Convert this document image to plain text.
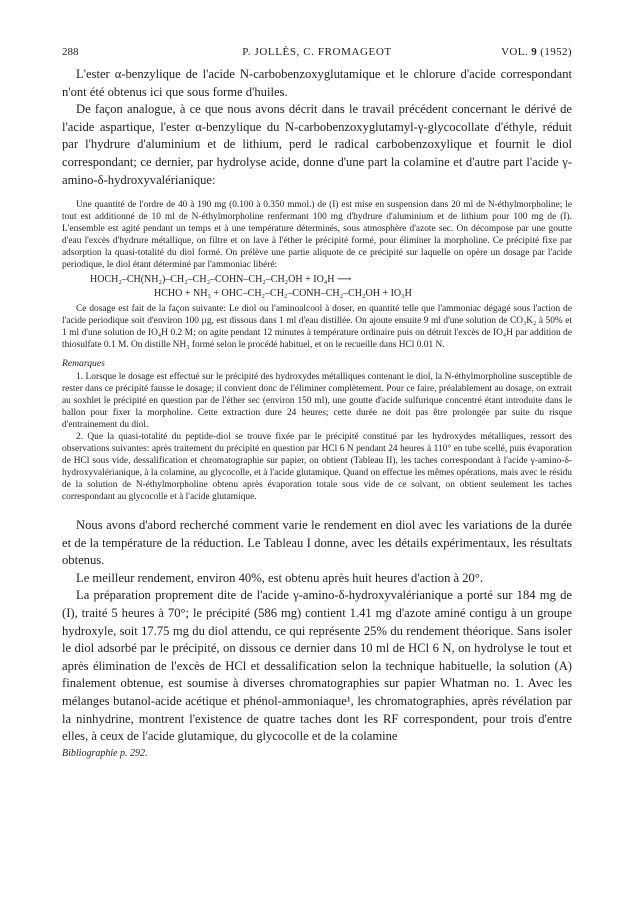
288	P. JOLLÈS, C. FROMAGEOT	VOL. 9 (1952)

L'ester α-benzylique de l'acide N-carbobenzoxyglutamique et le chlorure d'acide correspondant n'ont été obtenus ici que sous forme d'huiles.

De façon analogue, à ce que nous avons décrit dans le travail précédent concernant le dérivé de l'acide aspartique, l'ester α-benzylique du N-carbobenzoxyglutamyl-γ-glycocollate d'éthyle, réduit par l'hydrure d'aluminium et de lithium, perd le radical carbobenzoxylique et fournit le diol correspondant; ce dernier, par hydrolyse acide, donne d'une part la colamine et d'autre part l'acide γ-amino-δ-hydroxyvalérianique:

Une quantité de l'ordre de 40 à 190 mg (0.100 à 0.350 mmol.) de (I) est mise en suspension dans 20 ml de N-éthylmorpholine; le tout est additionné de 10 ml de N-éthylmorpholine renfermant 100 mg d'hydrure d'aluminium et de lithium pour 100 mg de (I). L'ensemble est agité pendant un temps et à une température déterminés, sous atmosphère d'azote sec. On décompose par une goutte d'eau l'excès d'hydrure métallique, on filtre et on lave à l'éther le précipité formé, pour éliminer la morpholine. Ce précipité fixe par adsorption la quasi-totalité du diol formé. On prélève une partie aliquote de ce précipité sur laquelle on opère un dosage par l'acide periodique, le diol étant déterminé par l'ammoniac libéré:

HOCH₂–CH(NH₂)–CH₂–CH₂–COHN–CH₂–CH₂OH + IO₄H ⟶
HCHO + NH₃ + OHC–CH₂–CH₂–CONH–CH₂–CH₂OH + IO₃H

Ce dosage est fait de la façon suivante: Le diol ou l'aminoalcool à doser, en quantité telle que l'ammoniac dégagé sous l'action de l'acide periodique soit d'environ 100 µg, est dissous dans 1 ml d'eau distillée. On ajoute ensuite 9 ml d'une solution de CO₃K₂ à 50% et 1 ml d'une solution de IO₄H 0.2 M; on agite pendant 12 minutes à température ordinaire puis on détruit l'excès de IO₄H par addition de thiosulfate 0.1 M. On distille NH₃ formé selon le procédé habituel, et on le recueille dans HCl 0.01 N.

Remarques

1. Lorsque le dosage est effectué sur le précipité des hydroxydes métalliques contenant le diol, la N-éthylmorpholine susceptible de rester dans ce précipité fausse le dosage; il convient donc de l'éliminer complètement. Pour ce faire, préalablement au dosage, on extrait au soxhlet le précipité en question par de l'éther sec (environ 150 ml), une goutte d'acide sulfurique concentré étant introduite dans le ballon pour fixer la morpholine. Cette extraction dure 24 heures; cette durée ne doit pas être prolongée par suite du risque d'entrainement du diol.

2. Que la quasi-totalité du peptide-diol se trouve fixée par le précipité constitué par les hydroxydes métalliques, ressort des observations suivantes: après traitement du précipité en question par HCl 6 N pendant 24 heures à 110° en tube scellé, puis évaporation de HCl sous vide, dessalification et chromatographie sur papier, on obtient (Tableau II), les taches correspondant à l'acide γ-amino-δ-hydroxyvalérianique, à la colamine, au glycocolle, et à l'acide glutamique. Quand on effectue les mêmes opérations, mais avec le résidu de la solution de N-éthylmorpholine obtenu après évaporation totale sous vide de ce solvant, on obtient seulement les taches correspondant au glycocolle et à l'acide glutamique.

Nous avons d'abord recherché comment varie le rendement en diol avec les variations de la durée et de la température de la réduction. Le Tableau I donne, avec les détails expérimentaux, les résultats obtenus.

Le meilleur rendement, environ 40%, est obtenu après huit heures d'action à 20°.

La préparation proprement dite de l'acide γ-amino-δ-hydroxyvalérianique a porté sur 184 mg de (I), traité 5 heures à 70°; le précipité (586 mg) contient 1.41 mg d'azote aminé contigu à un groupe hydroxyle, soit 17.75 mg du diol attendu, ce qui représente 25% du rendement théorique. Sans isoler le diol adsorbé par le précipité, on dissous ce dernier dans 10 ml de HCl 6 N, on hydrolyse le tout et après élimination de l'excès de HCl et dessalification selon la technique habituelle, la solution (A) finalement obtenue, est soumise à diverses chromatographies sur papier Whatman no. 1. Avec les mélanges butanol-acide acétique et phénol-ammoniaque¹, les chromatographies, après révélation par la ninhydrine, montrent l'existence de quatre taches dont les RF correspondent, pour trois d'entre elles, à ceux de l'acide glutamique, du glycocolle et de la colamine

Bibliographie p. 292.
